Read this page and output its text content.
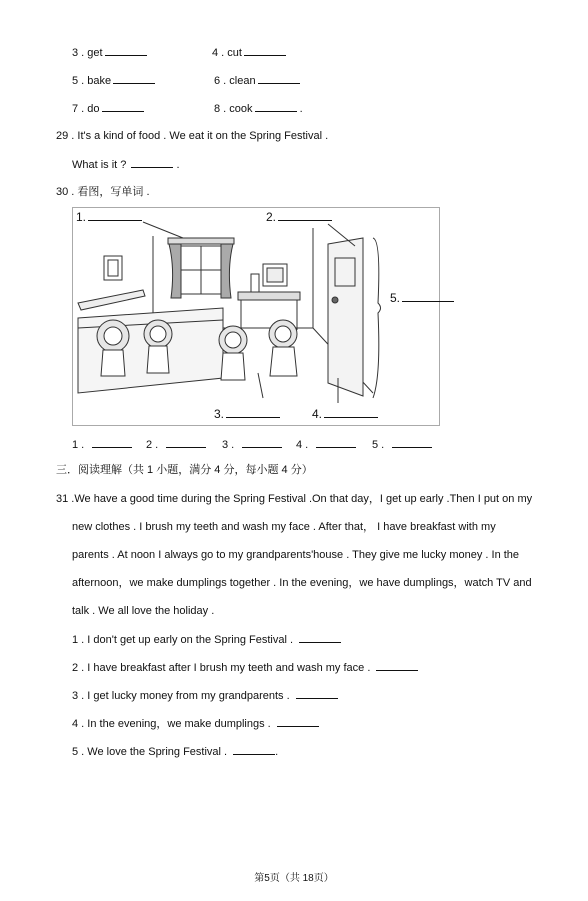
3 . get	4 . cut
5 . bake	6 . clean
7 . do	8 . cook	.
29 . It's a kind of food . We eat it on the Spring Festival .
What is it ?	.
30 . 看图，写单词 .
1.	2.
3.	4.
5.
1 .	2 .	3 .	4 .	5 .
三．阅读理解（共 1 小题，满分 4 分，每小题 4 分）
31 .We have a good time during the Spring Festival .On that day，I get up early .Then I put on my
new clothes . I brush my teeth and wash my face . After that， I have breakfast with my
parents . At noon I always go to my grandparents'house . They give me lucky money . In the
afternoon，we make dumplings together . In the evening，we have dumplings，watch TV and
talk . We all love the holiday .
1 . I don't get up early on the Spring Festival .
2 . I have breakfast after I brush my teeth and wash my face .
3 . I get lucky money from my grandparents .
4 . In the evening，we make dumplings .
5 . We love the Spring Festival .	.
第5页（共 18页）
